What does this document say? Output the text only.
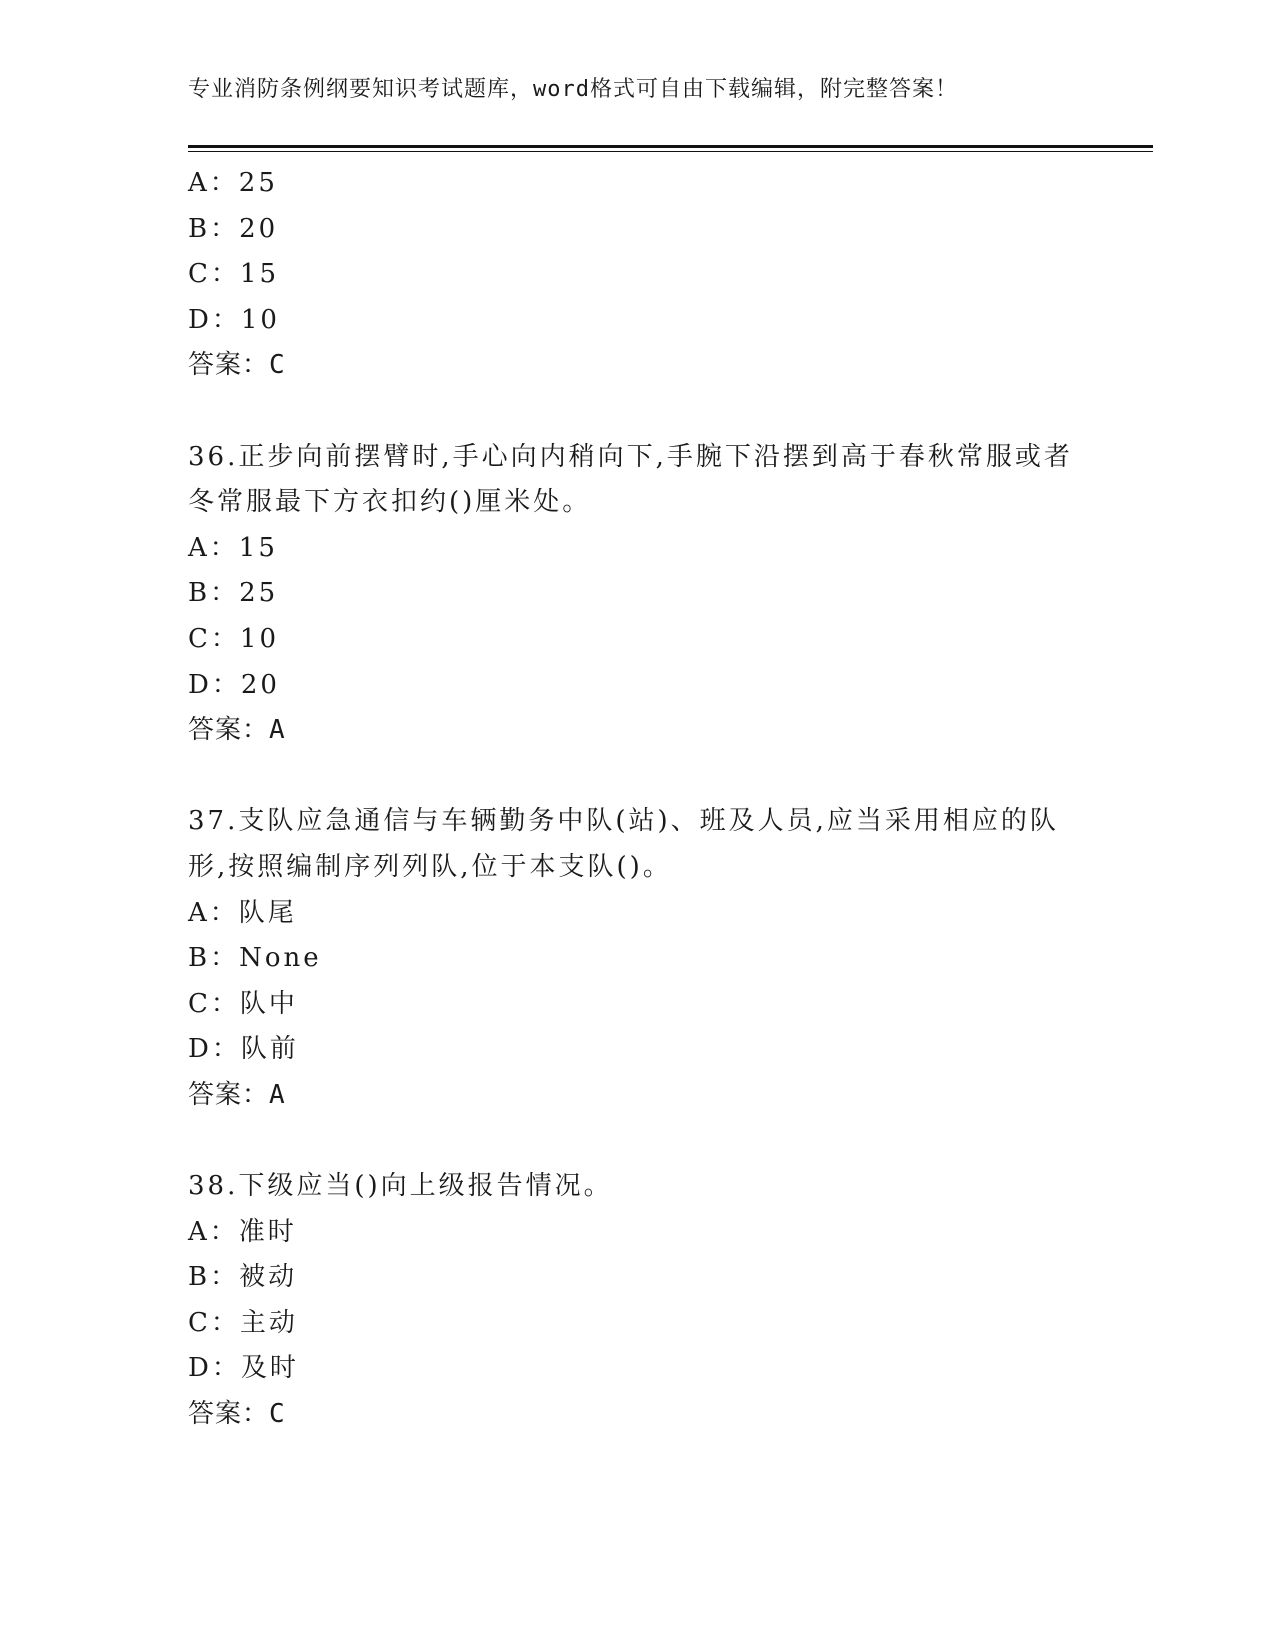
专业消防条例纲要知识考试题库，word格式可自由下载编辑，附完整答案！
A：25
B：20
C：15
D：10
答案：C
36.正步向前摆臂时,手心向内稍向下,手腕下沿摆到高于春秋常服或者
冬常服最下方衣扣约()厘米处。
A：15
B：25
C：10
D：20
答案：A
37.支队应急通信与车辆勤务中队(站)、班及人员,应当采用相应的队
形,按照编制序列列队,位于本支队()。
A：队尾
B：None
C：队中
D：队前
答案：A
38.下级应当()向上级报告情况。
A：准时
B：被动
C：主动
D：及时
答案：C
